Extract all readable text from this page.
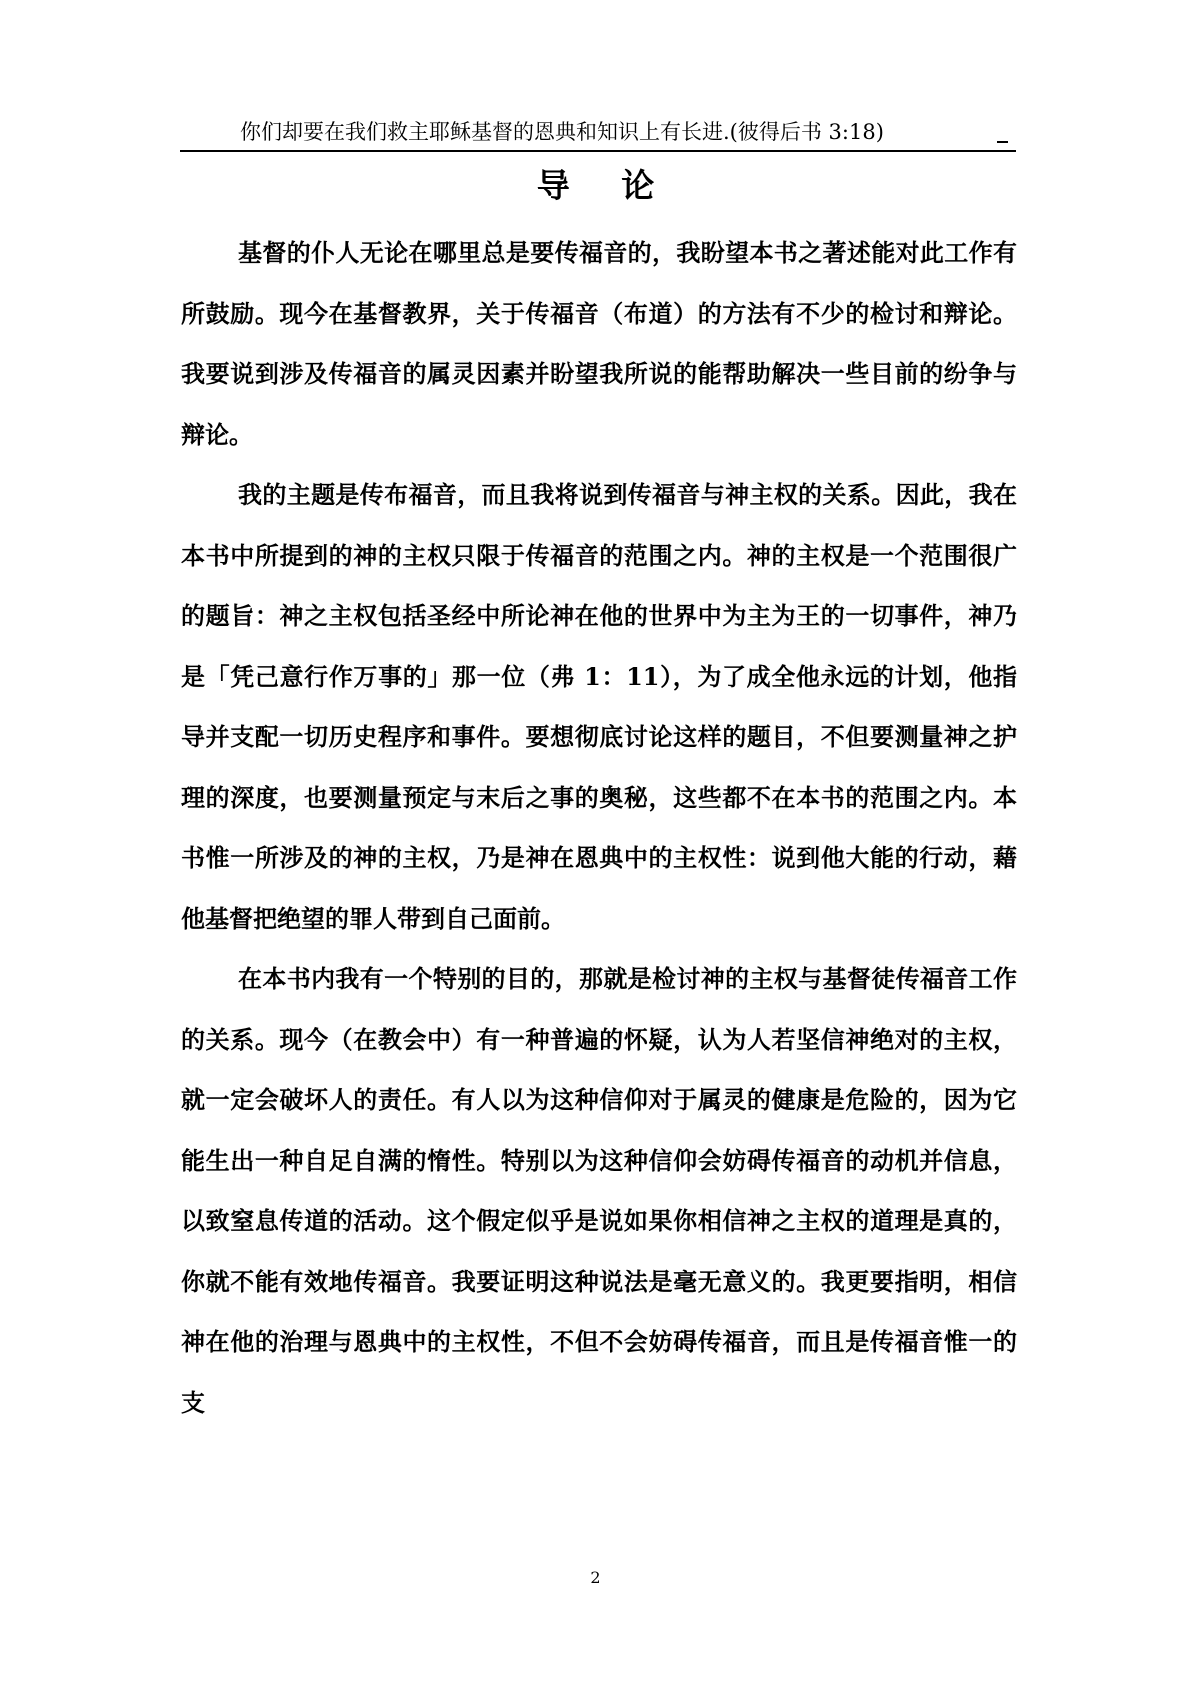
你们却要在我们救主耶稣基督的恩典和知识上有长进.(彼得后书 3:18)
导 论

基督的仆人无论在哪里总是要传福音的，我盼望本书之著述能对此工作有所鼓励。现今在基督教界，关于传福音（布道）的方法有不少的检讨和辩论。我要说到涉及传福音的属灵因素并盼望我所说的能帮助解决一些目前的纷争与辩论。

我的主题是传布福音，而且我将说到传福音与神主权的关系。因此，我在本书中所提到的神的主权只限于传福音的范围之内。神的主权是一个范围很广的题旨：神之主权包括圣经中所论神在他的世界中为主为王的一切事件，神乃是「凭己意行作万事的」那一位（弗 1：11），为了成全他永远的计划，他指导并支配一切历史程序和事件。要想彻底讨论这样的题目，不但要测量神之护理的深度，也要测量预定与末后之事的奥秘，这些都不在本书的范围之内。本书惟一所涉及的神的主权，乃是神在恩典中的主权性：说到他大能的行动，藉他基督把绝望的罪人带到自己面前。

在本书内我有一个特别的目的，那就是检讨神的主权与基督徒传福音工作的关系。现今（在教会中）有一种普遍的怀疑，认为人若坚信神绝对的主权，就一定会破坏人的责任。有人以为这种信仰对于属灵的健康是危险的，因为它能生出一种自足自满的惰性。特别以为这种信仰会妨碍传福音的动机并信息，以致窒息传道的活动。这个假定似乎是说如果你相信神之主权的道理是真的，你就不能有效地传福音。我要证明这种说法是毫无意义的。我更要指明，相信神在他的治理与恩典中的主权性，不但不会妨碍传福音，而且是传福音惟一的支

2
